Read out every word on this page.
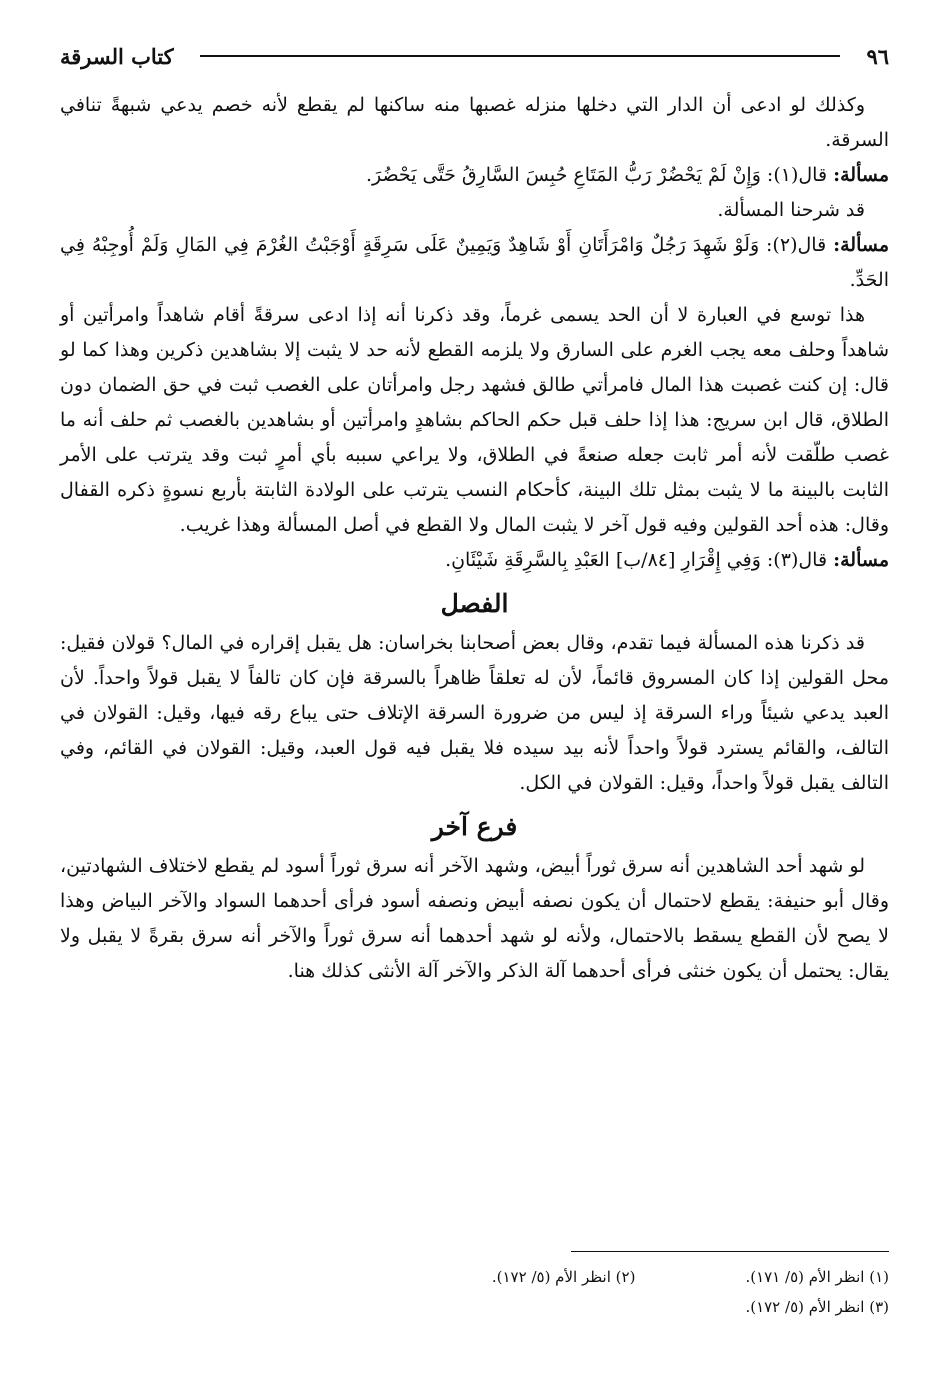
٩٦
كتاب السرقة

وكذلك لو ادعى أن الدار التي دخلها منزله غصبها منه ساكنها لم يقطع لأنه خصم يدعي شبهةً تنافي السرقة.

مسألة: قال(١): وَإِنْ لَمْ يَحْضُرْ رَبُّ المَتَاعِ حُبِسَ السَّارِقُ حَتَّى يَحْضُرَ.

قد شرحنا المسألة.

مسألة: قال(٢): وَلَوْ شَهِدَ رَجُلٌ وَامْرَأَتَانِ أَوْ شَاهِدٌ وَيَمِينٌ عَلَى سَرِقَةٍ أَوْجَبْتُ الغُرْمَ فِي المَالِ وَلَمْ أُوجِبْهُ فِي الحَدِّ.

هذا توسع في العبارة لا أن الحد يسمى غرماً، وقد ذكرنا أنه إذا ادعى سرقةً أقام شاهداً وامرأتين أو شاهداً وحلف معه يجب الغرم على السارق ولا يلزمه القطع لأنه حد لا يثبت إلا بشاهدين ذكرين وهذا كما لو قال: إن كنت غصبت هذا المال فامرأتي طالق فشهد رجل وامرأتان على الغصب ثبت في حق الضمان دون الطلاق، قال ابن سريج: هذا إذا حلف قبل حكم الحاكم بشاهدٍ وامرأتين أو بشاهدين بالغصب ثم حلف أنه ما غصب طلّقت لأنه أمر ثابت جعله صنعةً في الطلاق، ولا يراعي سببه بأي أمرٍ ثبت وقد يترتب على الأمر الثابت بالبينة ما لا يثبت بمثل تلك البينة، كأحكام النسب يترتب على الولادة الثابتة بأربع نسوةٍ ذكره القفال وقال: هذه أحد القولين وفيه قول آخر لا يثبت المال ولا القطع في أصل المسألة وهذا غريب.

مسألة: قال(٣): وَفِي إِقْرَارِ [٨٤/ب] العَبْدِ بِالسَّرِقَةِ شَيْئَانِ.

الفصل

قد ذكرنا هذه المسألة فيما تقدم، وقال بعض أصحابنا بخراسان: هل يقبل إقراره في المال؟ قولان فقيل: محل القولين إذا كان المسروق قائماً، لأن له تعلقاً ظاهراً بالسرقة فإن كان تالفاً لا يقبل قولاً واحداً. لأن العبد يدعي شيئاً وراء السرقة إذ ليس من ضرورة السرقة الإتلاف حتى يباع رقه فيها، وقيل: القولان في التالف، والقائم يسترد قولاً واحداً لأنه بيد سيده فلا يقبل فيه قول العبد، وقيل: القولان في القائم، وفي التالف يقبل قولاً واحداً، وقيل: القولان في الكل.

فرع آخر

لو شهد أحد الشاهدين أنه سرق ثوراً أبيض، وشهد الآخر أنه سرق ثوراً أسود لم يقطع لاختلاف الشهادتين، وقال أبو حنيفة: يقطع لاحتمال أن يكون نصفه أبيض ونصفه أسود فرأى أحدهما السواد والآخر البياض وهذا لا يصح لأن القطع يسقط بالاحتمال، ولأنه لو شهد أحدهما أنه سرق ثوراً والآخر أنه سرق بقرةً لا يقبل ولا يقال: يحتمل أن يكون خنثى فرأى أحدهما آلة الذكر والآخر آلة الأنثى كذلك هنا.

(١) انظر الأم (٥/ ١٧١).
(٢) انظر الأم (٥/ ١٧٢).
(٣) انظر الأم (٥/ ١٧٢).
